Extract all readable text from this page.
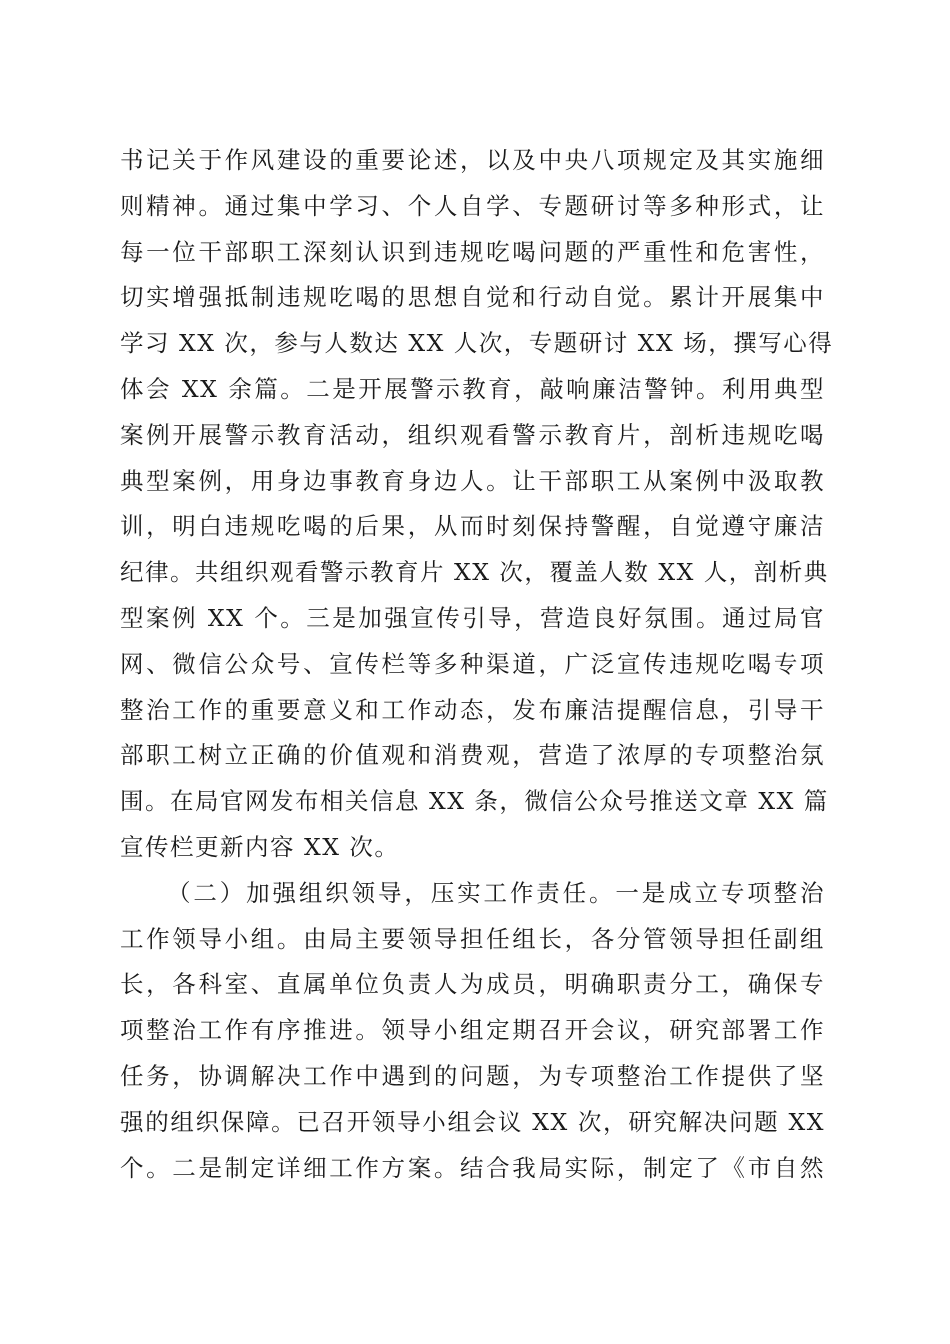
书记关于作风建设的重要论述，以及中央八项规定及其实施细
则精神。通过集中学习、个人自学、专题研讨等多种形式，让
每一位干部职工深刻认识到违规吃喝问题的严重性和危害性，
切实增强抵制违规吃喝的思想自觉和行动自觉。累计开展集中
学习 XX 次，参与人数达 XX 人次，专题研讨 XX 场，撰写心得
体会 XX 余篇。二是开展警示教育，敲响廉洁警钟。利用典型
案例开展警示教育活动，组织观看警示教育片，剖析违规吃喝
典型案例，用身边事教育身边人。让干部职工从案例中汲取教
训，明白违规吃喝的后果，从而时刻保持警醒，自觉遵守廉洁
纪律。共组织观看警示教育片 XX 次，覆盖人数 XX 人，剖析典
型案例 XX 个。三是加强宣传引导，营造良好氛围。通过局官
网、微信公众号、宣传栏等多种渠道，广泛宣传违规吃喝专项
整治工作的重要意义和工作动态，发布廉洁提醒信息，引导干
部职工树立正确的价值观和消费观，营造了浓厚的专项整治氛
围。在局官网发布相关信息 XX 条，微信公众号推送文章 XX 篇
宣传栏更新内容 XX 次。
（二）加强组织领导，压实工作责任。一是成立专项整治
工作领导小组。由局主要领导担任组长，各分管领导担任副组
长，各科室、直属单位负责人为成员，明确职责分工，确保专
项整治工作有序推进。领导小组定期召开会议，研究部署工作
任务，协调解决工作中遇到的问题，为专项整治工作提供了坚
强的组织保障。已召开领导小组会议 XX 次，研究解决问题 XX
个。二是制定详细工作方案。结合我局实际，制定了《市自然
